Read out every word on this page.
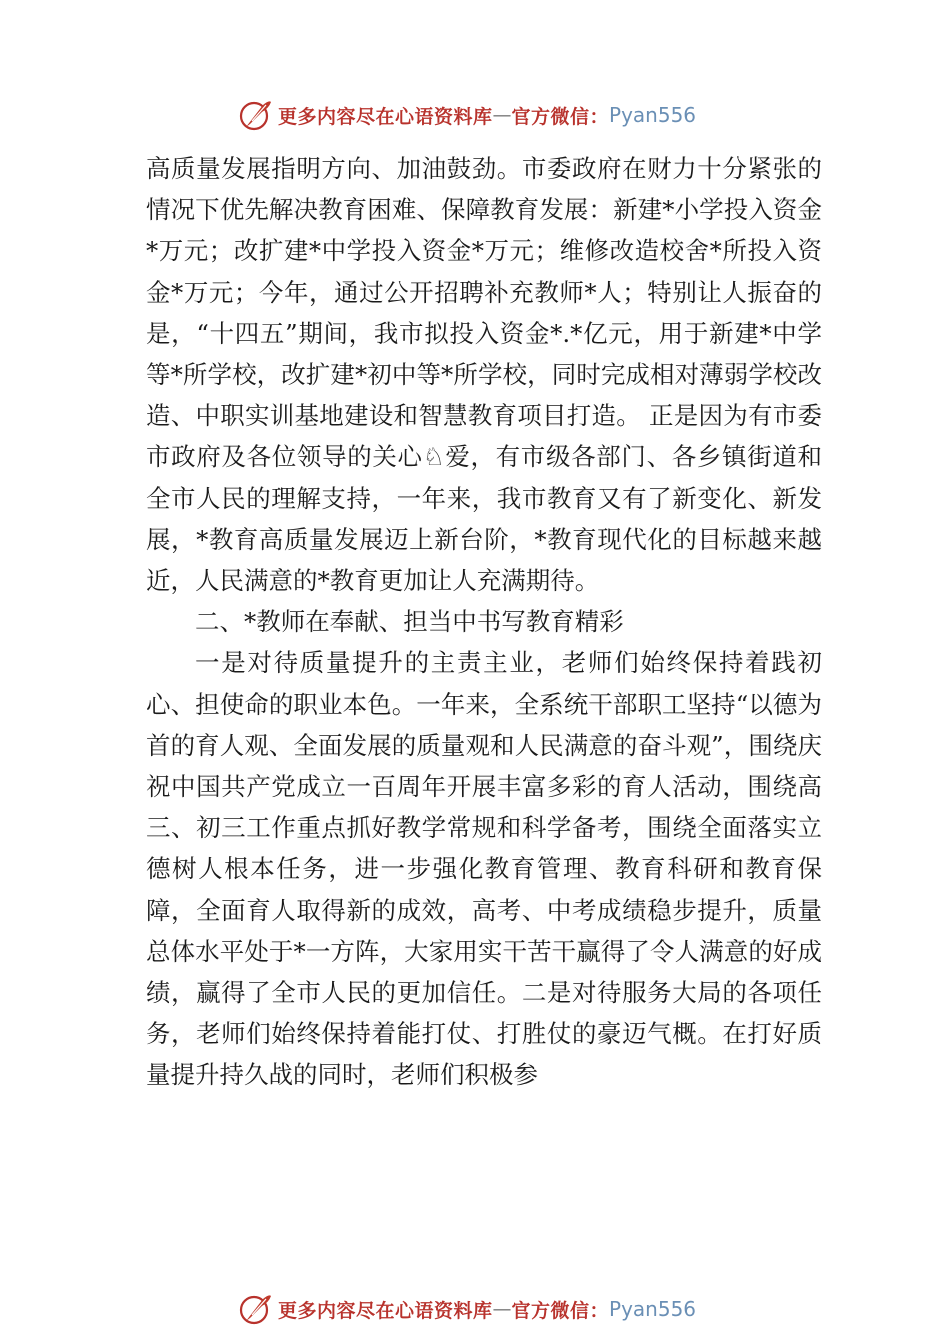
更多内容尽在心语资料库 — 官方微信： Pyan556

高质量发展指明方向、加油鼓劲。市委政府在财力十分紧张的情况下优先解决教育困难、保障教育发展：新建*小学投入资金*万元；改扩建*中学投入资金*万元；维修改造校舍*所投入资金*万元；今年，通过公开招聘补充教师*人；特别让人振奋的是，“十四五”期间，我市拟投入资金*.*亿元，用于新建*中学等*所学校，改扩建*初中等*所学校，同时完成相对薄弱学校改造、中职实训基地建设和智慧教育项目打造。 正是因为有市委市政府及各位领导的关心♘爱，有市级各部门、各乡镇街道和全市人民的理解支持，一年来，我市教育又有了新变化、新发展，*教育高质量发展迈上新台阶，*教育现代化的目标越来越近，人民满意的*教育更加让人充满期待。

二、*教师在奉献、担当中书写教育精彩

一是对待质量提升的主责主业，老师们始终保持着践初心、担使命的职业本色。一年来，全系统干部职工坚持“以德为首的育人观、全面发展的质量观和人民满意的奋斗观”，围绕庆祝中国共产党成立一百周年开展丰富多彩的育人活动，围绕高三、初三工作重点抓好教学常规和科学备考，围绕全面落实立德树人根本任务，进一步强化教育管理、教育科研和教育保障，全面育人取得新的成效，高考、中考成绩稳步提升，质量总体水平处于*一方阵，大家用实干苦干赢得了令人满意的好成绩，赢得了全市人民的更加信任。二是对待服务大局的各项任务，老师们始终保持着能打仗、打胜仗的豪迈气概。在打好质量提升持久战的同时，老师们积极参

更多内容尽在心语资料库 — 官方微信： Pyan556
